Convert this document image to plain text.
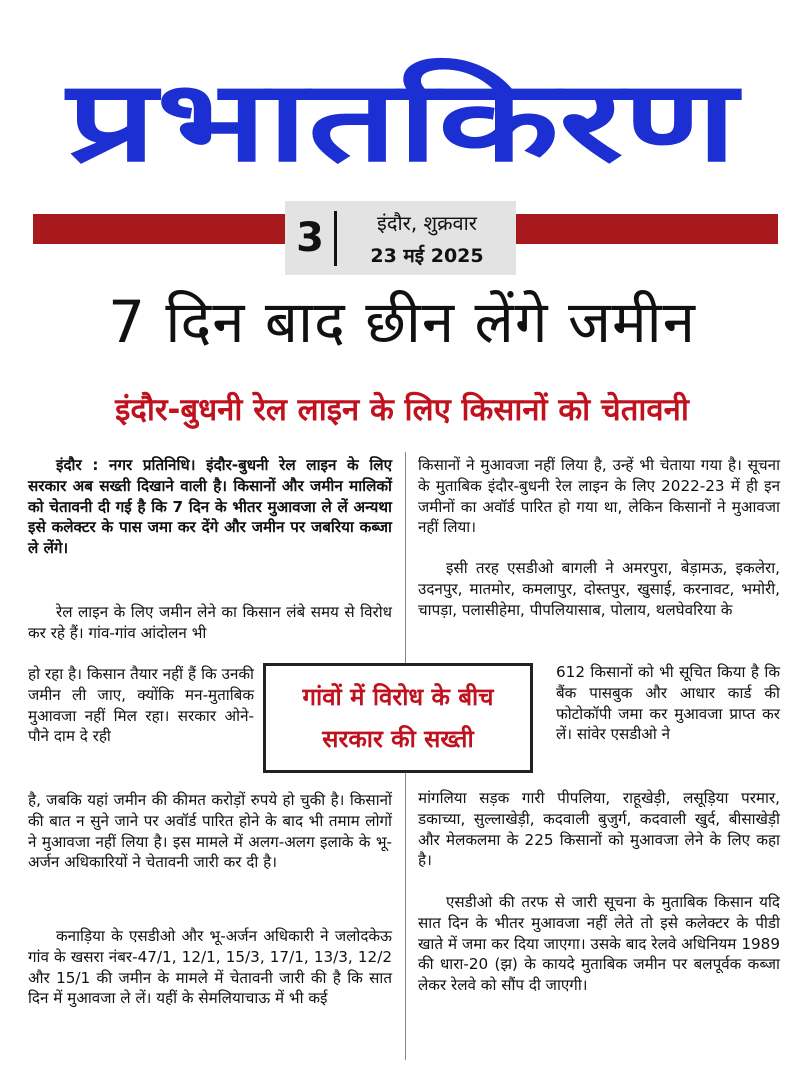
प्रभातकिरण
3	इंदौर, शुक्रवार
23 मई 2025
7 दिन बाद छीन लेंगे जमीन
इंदौर-बुधनी रेल लाइन के लिए किसानों को चेतावनी

इंदौर : नगर प्रतिनिधि। इंदौर-बुधनी रेल लाइन के लिए सरकार अब सख्ती दिखाने वाली है। किसानों और जमीन मालिकों को चेतावनी दी गई है कि 7 दिन के भीतर मुआवजा ले लें अन्यथा इसे कलेक्टर के पास जमा कर देंगे और जमीन पर जबरिया कब्जा ले लेंगे।

रेल लाइन के लिए जमीन लेने का किसान लंबे समय से विरोध कर रहे हैं। गांव-गांव आंदोलन भी

हो रहा है। किसान तैयार नहीं हैं कि उनकी जमीन ली जाए, क्योंकि मन-मुताबिक मुआवजा नहीं मिल रहा। सरकार ओने-पौने दाम दे रही

है, जबकि यहां जमीन की कीमत करोड़ों रुपये हो चुकी है। किसानों की बात न सुने जाने पर अवॉर्ड पारित होने के बाद भी तमाम लोगों ने मुआवजा नहीं लिया है। इस मामले में अलग-अलग इलाके के भू-अर्जन अधिकारियों ने चेतावनी जारी कर दी है।

कनाड़िया के एसडीओ और भू-अर्जन अधिकारी ने जलोदकेऊ गांव के खसरा नंबर-47/1, 12/1, 15/3, 17/1, 13/3, 12/2 और 15/1 की जमीन के मामले में चेतावनी जारी की है कि सात दिन में मुआवजा ले लें। यहीं के सेमलियाचाऊ में भी कई

किसानों ने मुआवजा नहीं लिया है, उन्हें भी चेताया गया है। सूचना के मुताबिक इंदौर-बुधनी रेल लाइन के लिए 2022-23 में ही इन जमीनों का अवॉर्ड पारित हो गया था, लेकिन किसानों ने मुआवजा नहीं लिया।

इसी तरह एसडीओ बागली ने अमरपुरा, बेड़ामऊ, इकलेरा, उदनपुर, मातमोर, कमलापुर, दोस्तपुर, खुसाई, करनावट, भमोरी, चापड़ा, पलासीहेमा, पीपलियासाब, पोलाय, थलघेवरिया के

612 किसानों को भी सूचित किया है कि बैंक पासबुक और आधार कार्ड की फोटोकॉपी जमा कर मुआवजा प्राप्त कर लें। सांवेर एसडीओ ने

मांगलिया सड़क गारी पीपलिया, राहूखेड़ी, लसूड़िया परमार, डकाच्या, सुल्लाखेड़ी, कदवाली बुजुर्ग, कदवाली खुर्द, बीसाखेड़ी और मेलकलमा के 225 किसानों को मुआवजा लेने के लिए कहा है।

एसडीओ की तरफ से जारी सूचना के मुताबिक किसान यदि सात दिन के भीतर मुआवजा नहीं लेते तो इसे कलेक्टर के पीडी खाते में जमा कर दिया जाएगा। उसके बाद रेलवे अधिनियम 1989 की धारा-20 (झ) के कायदे मुताबिक जमीन पर बलपूर्वक कब्जा लेकर रेलवे को सौंप दी जाएगी।

गांवों में विरोध के बीच
सरकार की सख्ती
